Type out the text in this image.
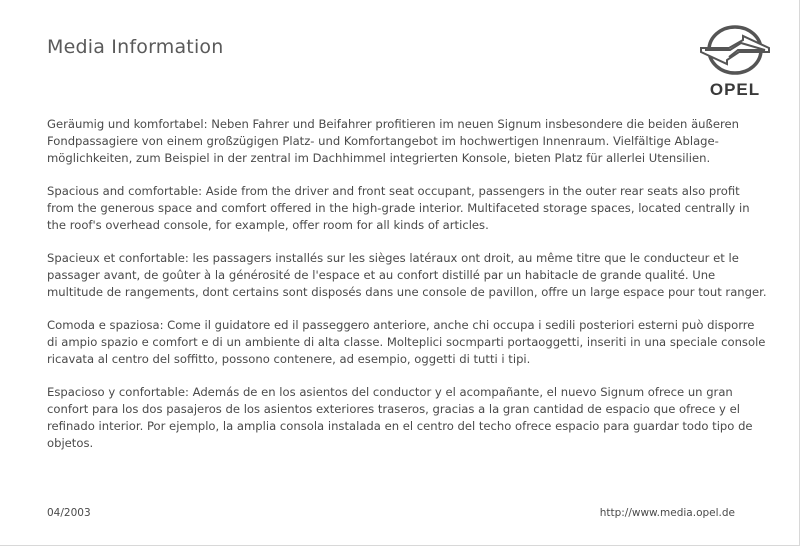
Media Information
OPEL

Geräumig und komfortabel: Neben Fahrer und Beifahrer profitieren im neuen Signum insbesondere die beiden äußeren Fondpassagiere von einem großzügigen Platz- und Komfortangebot im hochwertigen Innenraum. Vielfältige Ablage-möglichkeiten, zum Beispiel in der zentral im Dachhimmel integrierten Konsole, bieten Platz für allerlei Utensilien.

Spacious and comfortable: Aside from the driver and front seat occupant, passengers in the outer rear seats also profit from the generous space and comfort offered in the high-grade interior. Multifaceted storage spaces, located centrally in the roof's overhead console, for example, offer room for all kinds of articles.

Spacieux et confortable: les passagers installés sur les sièges latéraux ont droit, au même titre que le conducteur et le passager avant, de goûter à la générosité de l'espace et au confort distillé par un habitacle de grande qualité. Une multitude de rangements, dont certains sont disposés dans une console de pavillon, offre un large espace pour tout ranger.

Comoda e spaziosa: Come il guidatore ed il passeggero anteriore, anche chi occupa i sedili posteriori esterni può disporre di ampio spazio e comfort e di un ambiente di alta classe. Molteplici socmparti portaoggetti, inseriti in una speciale console ricavata al centro del soffitto, possono contenere, ad esempio, oggetti di tutti i tipi.

Espacioso y confortable: Además de en los asientos del conductor y el acompañante, el nuevo Signum ofrece un gran confort para los dos pasajeros de los asientos exteriores traseros, gracias a la gran cantidad de espacio que ofrece y el refinado interior. Por ejemplo, la amplia consola instalada en el centro del techo ofrece espacio para guardar todo tipo de objetos.

04/2003	http://www.media.opel.de
